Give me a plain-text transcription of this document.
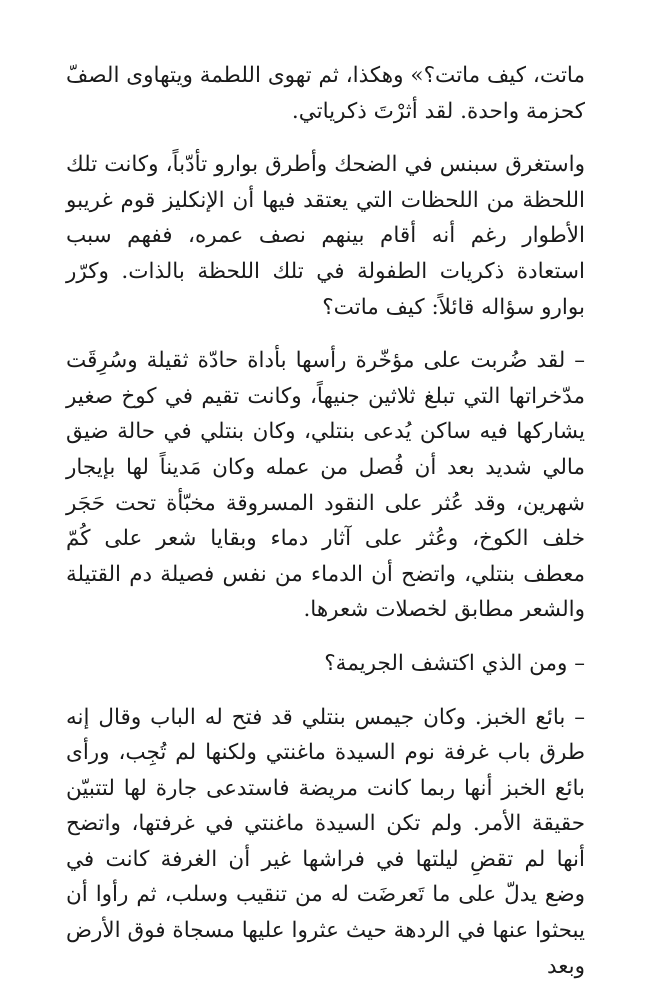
ماتت، كيف ماتت؟» وهكذا، ثم تهوى اللطمة ويتهاوى الصفّ كحزمة واحدة. لقد أثرْتَ ذكرياتي.

واستغرق سبنس في الضحك وأطرق بوارو تأدّباً، وكانت تلك اللحظة من اللحظات التي يعتقد فيها أن الإنكليز قوم غريبو الأطوار رغم أنه أقام بينهم نصف عمره، ففهم سبب استعادة ذكريات الطفولة في تلك اللحظة بالذات. وكرّر بوارو سؤاله قائلاً: كيف ماتت؟

– لقد ضُربت على مؤخّرة رأسها بأداة حادّة ثقيلة وسُرِقَت مدّخراتها التي تبلغ ثلاثين جنيهاً، وكانت تقيم في كوخ صغير يشاركها فيه ساكن يُدعى بنتلي، وكان بنتلي في حالة ضيق مالي شديد بعد أن فُصل من عمله وكان مَديناً لها بإيجار شهرين، وقد عُثر على النقود المسروقة مخبّأة تحت حَجَر خلف الكوخ، وعُثر على آثار دماء وبقايا شعر على كُمّ معطف بنتلي، واتضح أن الدماء من نفس فصيلة دم القتيلة والشعر مطابق لخصلات شعرها.

– ومن الذي اكتشف الجريمة؟

– بائع الخبز. وكان جيمس بنتلي قد فتح له الباب وقال إنه طرق باب غرفة نوم السيدة ماغنتي ولكنها لم تُجِب، ورأى بائع الخبز أنها ربما كانت مريضة فاستدعى جارة لها لتتبيّن حقيقة الأمر. ولم تكن السيدة ماغنتي في غرفتها، واتضح أنها لم تقضِ ليلتها في فراشها غير أن الغرفة كانت في وضع يدلّ على ما تَعرضَت له من تنقيب وسلب، ثم رأوا أن يبحثوا عنها في الردهة حيث عثروا عليها مسجاة فوق الأرض وبعد
